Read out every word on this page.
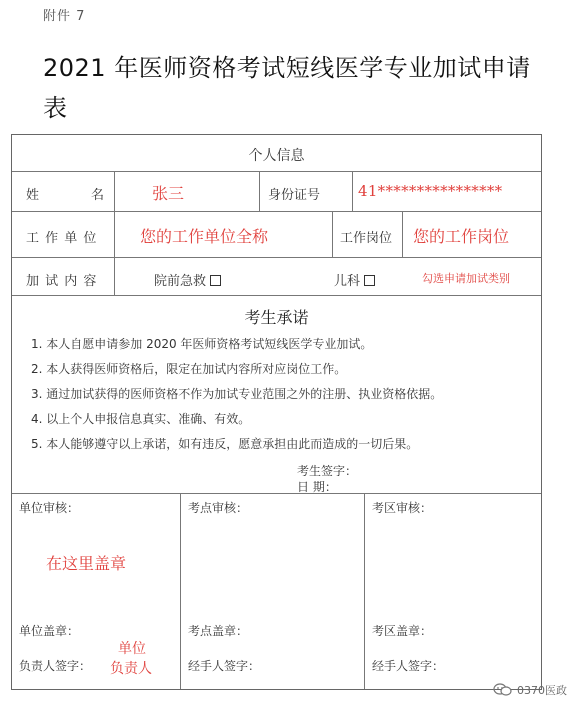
附件 7
2021 年医师资格考试短线医学专业加试申请表
个人信息
姓 名	张三	身份证号	41****************
工 作 单 位	您的工作单位全称	工作岗位 您的工作岗位
加 试 内 容	院前急救	儿科	勾选申请加试类别
考生承诺
1. 本人自愿申请参加 2020 年医师资格考试短线医学专业加试。
2. 本人获得医师资格后，限定在加试内容所对应岗位工作。
3. 通过加试获得的医师资格不作为加试专业范围之外的注册、执业资格依据。
4. 以上个人申报信息真实、准确、有效。
5. 本人能够遵守以上承诺，如有违反，愿意承担由此而造成的一切后果。
考生签字：
日 期：
单位审核：	考点审核：	考区审核：
在这里盖章
单位盖章：	考点盖章：	考区盖章：
单位
负责人签字： 负责人	经手人签字：	经手人签字：
0370医政
